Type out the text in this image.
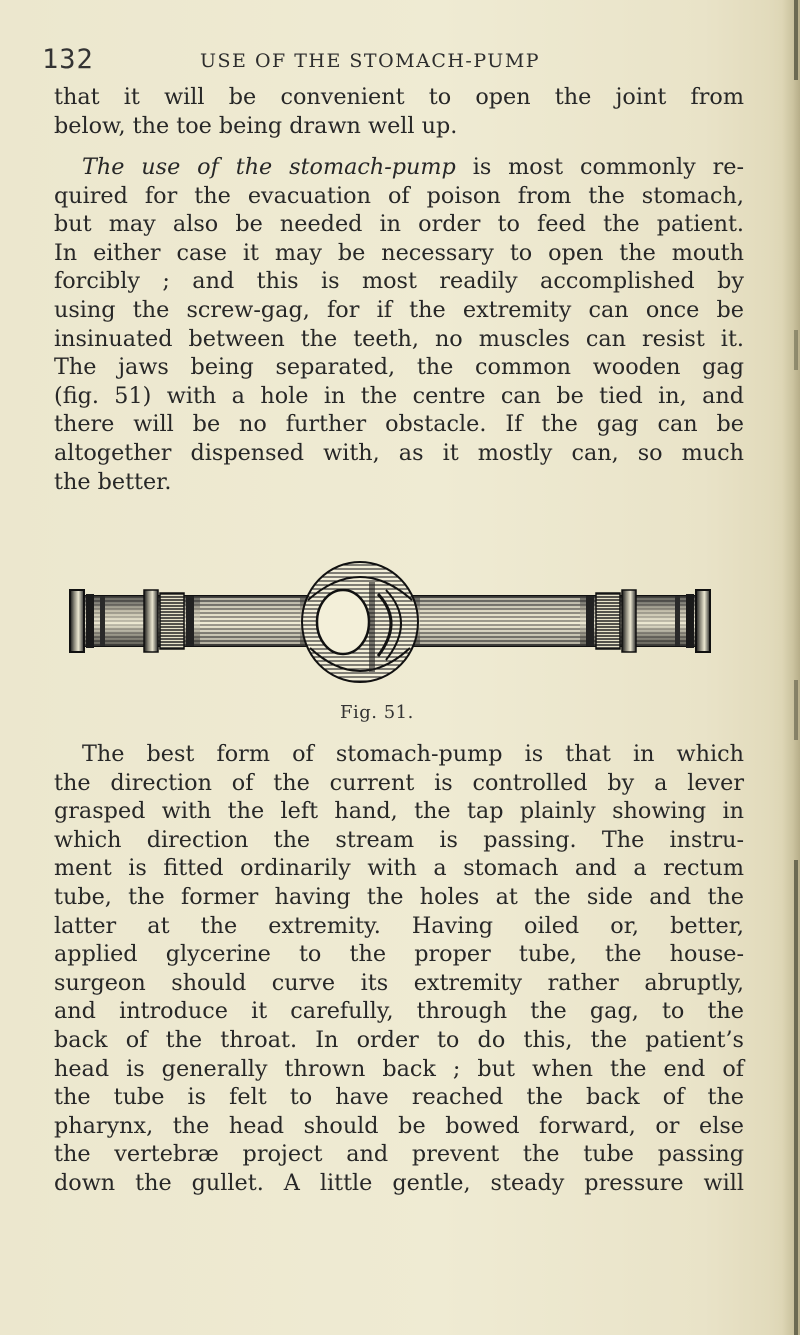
132	USE OF THE STOMACH-PUMP
that it will be convenient to open the joint from
below, the toe being drawn well up.
The use of the stomach-pump is most commonly re-
quired for the evacuation of poison from the stomach,
but may also be needed in order to feed the patient.
In either case it may be necessary to open the mouth
forcibly ; and this is most readily accomplished by
using the screw-gag, for if the extremity can once be
insinuated between the teeth, no muscles can resist it.
The jaws being separated, the common wooden gag
(fig. 51) with a hole in the centre can be tied in, and
there will be no further obstacle. If the gag can be
altogether dispensed with, as it mostly can, so much
the better.
Fig. 51.
The best form of stomach-pump is that in which
the direction of the current is controlled by a lever
grasped with the left hand, the tap plainly showing in
which direction the stream is passing. The instru-
ment is fitted ordinarily with a stomach and a rectum
tube, the former having the holes at the side and the
latter at the extremity. Having oiled or, better,
applied glycerine to the proper tube, the house-
surgeon should curve its extremity rather abruptly,
and introduce it carefully, through the gag, to the
back of the throat. In order to do this, the patient’s
head is generally thrown back ; but when the end of
the tube is felt to have reached the back of the
pharynx, the head should be bowed forward, or else
the vertebræ project and prevent the tube passing
down the gullet. A little gentle, steady pressure will
